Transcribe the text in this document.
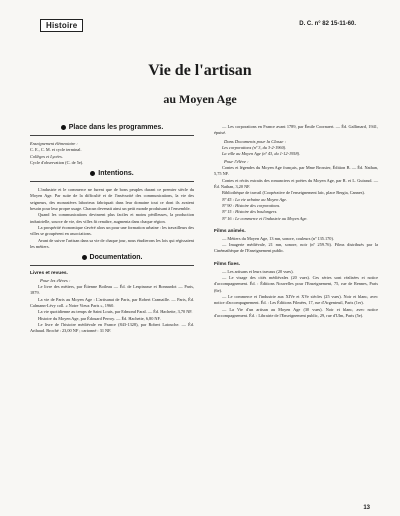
Histoire	D. C. n° 82 15-11-60.
Vie de l'artisan
au Moyen Age
Place dans les programmes.

Enseignement élémentaire :

C. E., C. M. et cycle terminal.

Collèges et Lycées.

Cycle d'observation (C. de 5e).

Intentions.

L'industrie et le commerce ne furent que de bons peuples durant ce premier siècle du Moyen Age. Par suite de la difficulté et de l'insécurité des communications, la vie des seigneurs, des monastères laborieux fabriquait dans leur domaine tout ce dont ils avaient besoin pour leur propre usage. Chacun devenait ainsi un petit monde produisant à l'ensemble.

Quand les communications devinrent plus faciles et moins périlleuses, la production industrielle, source de vie, des villes fit renaître, augmenta dans chaque région.

La prospérité économique s'avéré alors un pour une formation urbaine : les travailleurs des villes se groupèrent en associations.

Avant de suivre l'artisan dans sa vie de chaque jour, nous étudierons les lois qui régissaient les métiers.

Documentation.
Livres et revues.
Pour les élèves :

Le livre des métiers, par Étienne Boileau — Éd. de Lespinasse et Bonnardot — Paris, 1879.

La vie de Paris au Moyen Age : L'artisanat de Paris, par Robert Cramaille. — Paris, Éd. Calmann-Lévy coll. « Notre Vieux Paris », 1960.

La vie quotidienne au temps de Saint Louis, par Edmond Faral. — Éd. Hachette, 3,70 NF.

Histoire du Moyen Age, par Édouard Perroy. — Éd. Hachette, 6,80 NF.

Le livre de l'histoire médiévale en France (843-1328), par Robert Latouche. — Éd. Arthaud. Broché : 23,00 NF ; cartonné : 31 NF.

— Les corporations en France avant 1789, par Émile Coornaert. — Éd. Gallimard, 1941, épuisé.

Dans Documents pour la Classe :

Les corporations (nº 3, du 3-2-1960).

La ville au Moyen Age (nº 43, du 1-12-1958).

Pour l'élève :

Contes et légendes du Moyen Age français, par Mme Brossier, Édition B. — Éd. Nathan, 5,75 NF.

Contes et récits extraits des romanciers et poètes du Moyen Age, par R. et L. Guiraud. — Éd. Nathan, 3,20 NF.

Bibliothèque de travail (Coopérative de l'enseignement laïc, place Bergia, Cannes).

Nº 45 : La vie urbaine au Moyen Age.

Nº 90 : Histoire des corporations.

Nº 15 : Histoire des boulangers.

Nº 16 : Le commerce et l'industrie au Moyen Age.

Films animés.

— Métiers du Moyen Age, 13 mn, sonore, couleurs (nº 135.170).

— Imagerie médiévale, 21 mn, sonore, noir (nº 259.76). Films distribués par la Cinémathèque de l'Enseignement public.

Films fixes.

— Les artisans et leurs travaux (20 vues).

— Le visage des cités médiévales (20 vues). Ces séries sont réalisées et notice d'accompagnement. Éd. : Éditions Nouvelles pour l'Enseignement, 75, rue de Rennes, Paris (6e).

— Le commerce et l'industrie aux XIVe et XVe siècles (25 vues). Noir et blanc, avec notice d'accompagnement. Éd. : Les Éditions Filmées, 17, rue d'Argenteuil, Paris (1er).

— La Vie d'un artisan au Moyen Age (30 vues). Noir et blanc, avec notice d'accompagnement. Éd. : Librairie de l'Enseignement public, 29, rue d'Ulm, Paris (5e).

13
